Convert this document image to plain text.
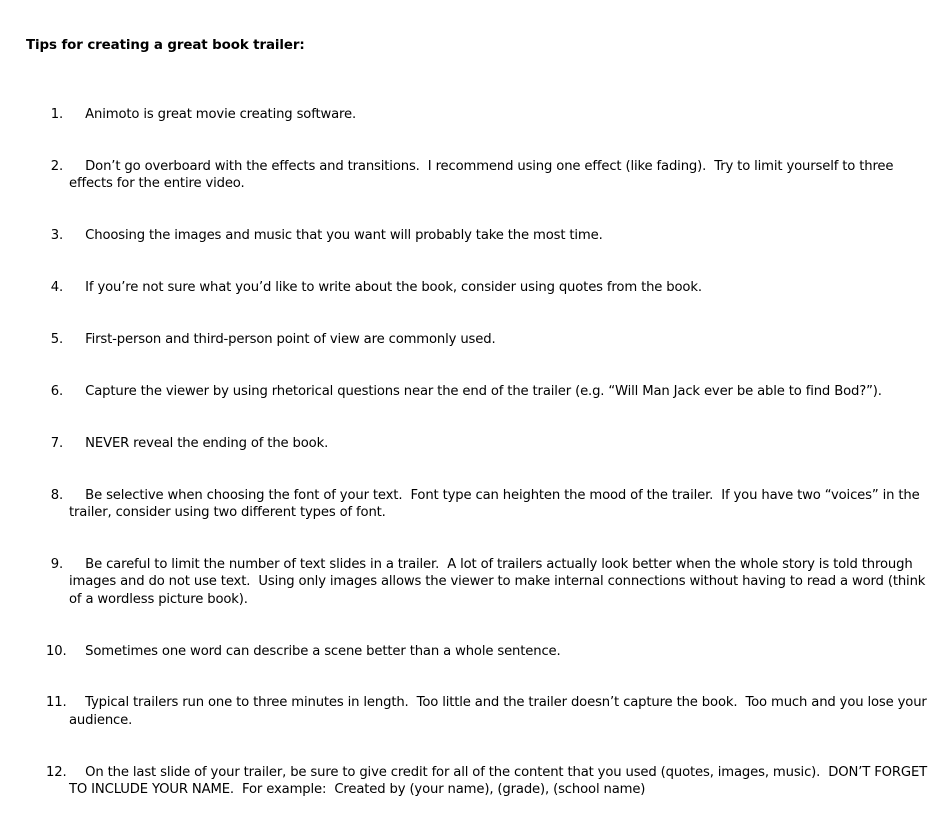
Tips for creating a great book trailer:

1. Animoto is great movie creating software.

2. Don’t go overboard with the effects and transitions.  I recommend using one effect (like fading).  Try to limit yourself to three effects for the entire video.

3. Choosing the images and music that you want will probably take the most time.

4. If you’re not sure what you’d like to write about the book, consider using quotes from the book.

5. First-person and third-person point of view are commonly used.

6. Capture the viewer by using rhetorical questions near the end of the trailer (e.g. “Will Man Jack ever be able to find Bod?”).

7. NEVER reveal the ending of the book.

8. Be selective when choosing the font of your text.  Font type can heighten the mood of the trailer.  If you have two “voices” in the trailer, consider using two different types of font.

9. Be careful to limit the number of text slides in a trailer.  A lot of trailers actually look better when the whole story is told through images and do not use text.  Using only images allows the viewer to make internal connections without having to read a word (think of a wordless picture book).

10. Sometimes one word can describe a scene better than a whole sentence.

11. Typical trailers run one to three minutes in length.  Too little and the trailer doesn’t capture the book.  Too much and you lose your audience.

12. On the last slide of your trailer, be sure to give credit for all of the content that you used (quotes, images, music).  DON’T FORGET TO INCLUDE YOUR NAME.  For example:  Created by (your name), (grade), (school name)
